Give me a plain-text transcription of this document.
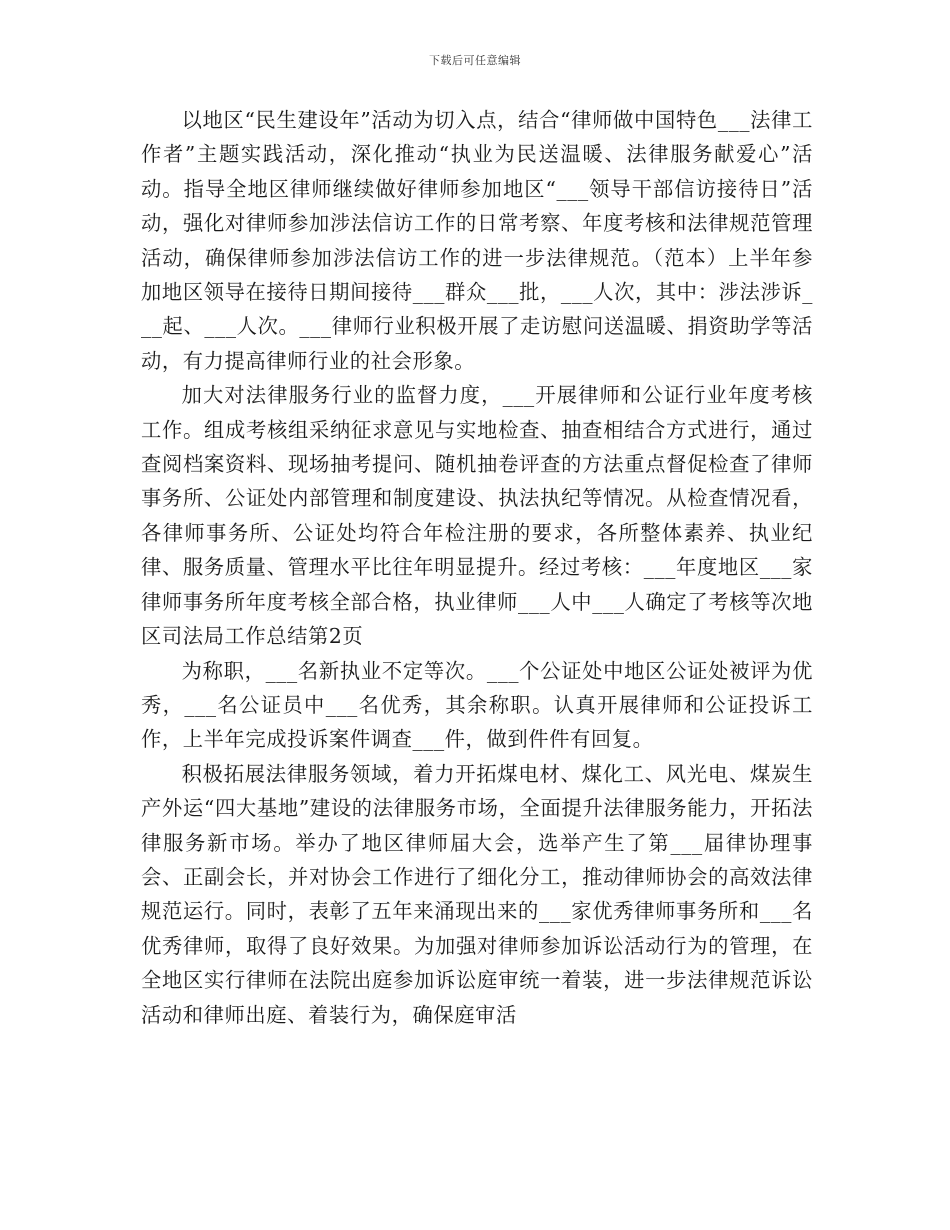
下载后可任意编辑

以地区“民生建设年”活动为切入点，结合“律师做中国特色___法律工作者”主题实践活动，深化推动“执业为民送温暖、法律服务献爱心”活动。指导全地区律师继续做好律师参加地区“___领导干部信访接待日”活动，强化对律师参加涉法信访工作的日常考察、年度考核和法律规范管理活动，确保律师参加涉法信访工作的进一步法律规范。（范本）上半年参加地区领导在接待日期间接待___群众___批，___人次，其中：涉法涉诉___起、___人次。___律师行业积极开展了走访慰问送温暖、捐资助学等活动，有力提高律师行业的社会形象。

加大对法律服务行业的监督力度，___开展律师和公证行业年度考核工作。组成考核组采纳征求意见与实地检查、抽查相结合方式进行，通过查阅档案资料、现场抽考提问、随机抽卷评查的方法重点督促检查了律师事务所、公证处内部管理和制度建设、执法执纪等情况。从检查情况看，各律师事务所、公证处均符合年检注册的要求，各所整体素养、执业纪律、服务质量、管理水平比往年明显提升。经过考核：___年度地区___家律师事务所年度考核全部合格，执业律师___人中___人确定了考核等次地区司法局工作总结第2页

为称职，___名新执业不定等次。___个公证处中地区公证处被评为优秀，___名公证员中___名优秀，其余称职。认真开展律师和公证投诉工作，上半年完成投诉案件调查___件，做到件件有回复。

积极拓展法律服务领域，着力开拓煤电材、煤化工、风光电、煤炭生产外运“四大基地”建设的法律服务市场，全面提升法律服务能力，开拓法律服务新市场。举办了地区律师届大会，选举产生了第___届律协理事会、正副会长，并对协会工作进行了细化分工，推动律师协会的高效法律规范运行。同时，表彰了五年来涌现出来的___家优秀律师事务所和___名优秀律师，取得了良好效果。为加强对律师参加诉讼活动行为的管理，在全地区实行律师在法院出庭参加诉讼庭审统一着装，进一步法律规范诉讼活动和律师出庭、着装行为，确保庭审活
